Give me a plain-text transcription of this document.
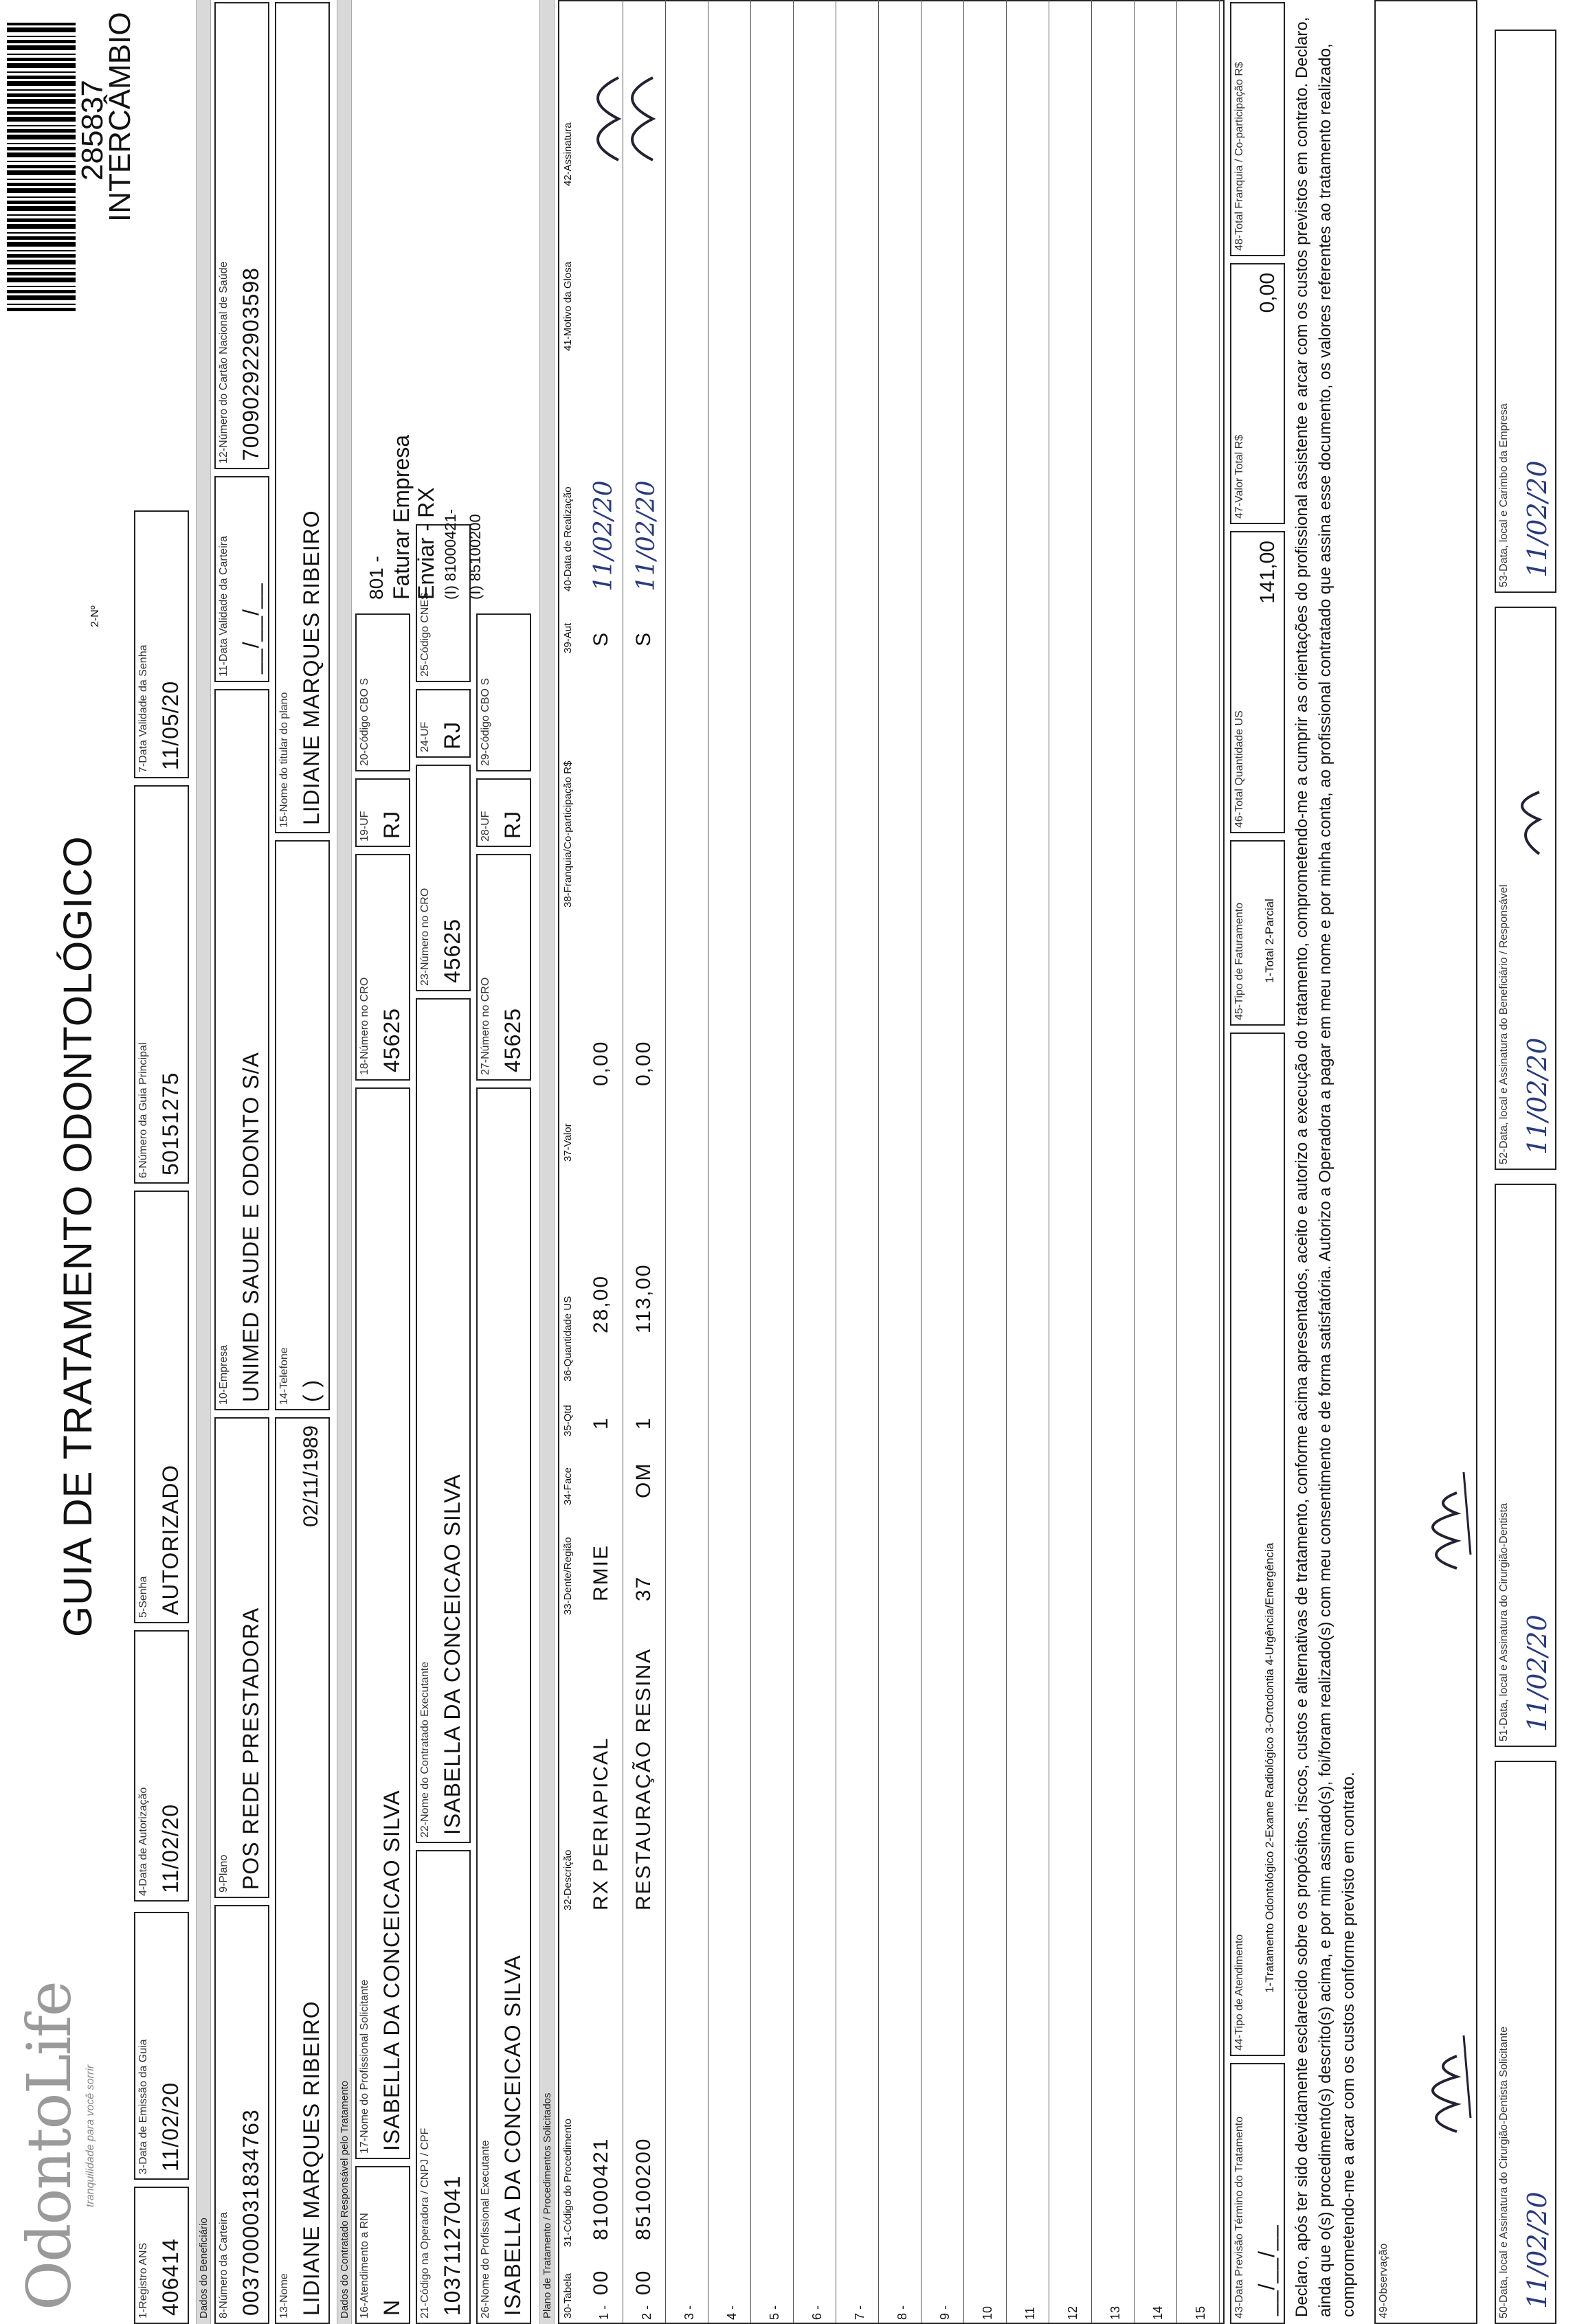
OdontoLife tranquilidade para você sorrir
GUIA DE TRATAMENTO ODONTOLÓGICO
2-Nº
285837
INTERCÂMBIO
1-Registro ANS 406414
3-Data de Emissão da Guia 11/02/20
4-Data de Autorização 11/02/20
5-Senha AUTORIZADO
6-Número da Guia Principal 50151275
7-Data Validade da Senha 11/05/20
Dados do Beneficiário 8-Número da Carteira 0037000031834763
9-Plano POS REDE PRESTADORA
10-Empresa UNIMED SAUDE E ODONTO S/A
11-Data Validade da Carteira __/__/__
12-Número do Cartão Nacional de Saúde 700902922903598
13-Nome LIDIANE MARQUES RIBEIRO
02/11/1989
14-Telefone ( )
15-Nome do titular do plano LIDIANE MARQUES RIBEIRO
Dados do Contratado Responsável pelo Tratamento 16-Atendimento a RN N
17-Nome do Profissional Solicitante ISABELLA DA CONCEICAO SILVA
18-Número no CRO 45625
19-UF RJ
20-Código CBO S
21-Código na Operadora / CNPJ / CPF 10371127041
22-Nome do Contratado Executante ISABELLA DA CONCEICAO SILVA
23-Número no CRO 45625
24-UF RJ
25-Código CNES
26-Nome do Profissional Executante ISABELLA DA CONCEICAO SILVA
27-Número no CRO 45625
28-UF RJ
29-Código CBO S
801 - Faturar Empresa Enviar - RX (I) 81000421- (I) 85100200
Plano de Tratamento / Procedimentos Solicitados 30-Tabela
31-Código do Procedimento
32-Descrição
33-Dente/Região
34-Face
35-Qtd
36-Quantidade US
37-Valor
38-Franquia/Co-participação R$
39-Aut
40-Data de Realização
41-Motivo da Glosa
42-Assinatura
1 -
00
81000421
RX PERIAPICAL
RMIE
1
28,00
0,00
S
11/02/20
2 -
00
85100200
RESTAURAÇÃO RESINA
37
OM
1
113,00
0,00
S
11/02/20
3 - 4 - 5 - 6 - 7 - 8 - 9 - 10 11 12 13 14 15 43-Data Previsão Término do Tratamento __/__/__
44-Tipo de Atendimento 1-Tratamento Odontológico 2-Exame Radiológico 3-Ortodontia 4-Urgência/Emergência
45-Tipo de Faturamento 1-Total 2-Parcial
46-Total Quantidade US
141,00
47-Valor Total R$
0,00
48-Total Franquia / Co-participação R$	Declaro, após ter sido devidamente esclarecido sobre os propósitos, riscos, custos e alternativas de tratamento, conforme acima apresentados, aceito e autorizo a execução do tratamento, comprometendo-me a cumprir as orientações do profissional assistente e arcar com os custos previstos em contrato. Declaro, ainda que o(s) procedimento(s) descrito(s) acima, e por mim assinado(s), foi/foram realizado(s) com meu consentimento e de forma satisfatória. Autorizo a Operadora a pagar em meu nome e por minha conta, ao profissional contratado que assina esse documento, os valores referentes ao tratamento realizado, comprometendo-me a arcar com os custos conforme previsto em contrato. 49-Observação	50-Data, local e Assinatura do Cirurgião-Dentista Solicitante 11/02/20
51-Data, local e Assinatura do Cirurgião-Dentista 11/02/20
52-Data, local e Assinatura do Beneficiário / Responsável 11/02/20
53-Data, local e Carimbo da Empresa 11/02/20
